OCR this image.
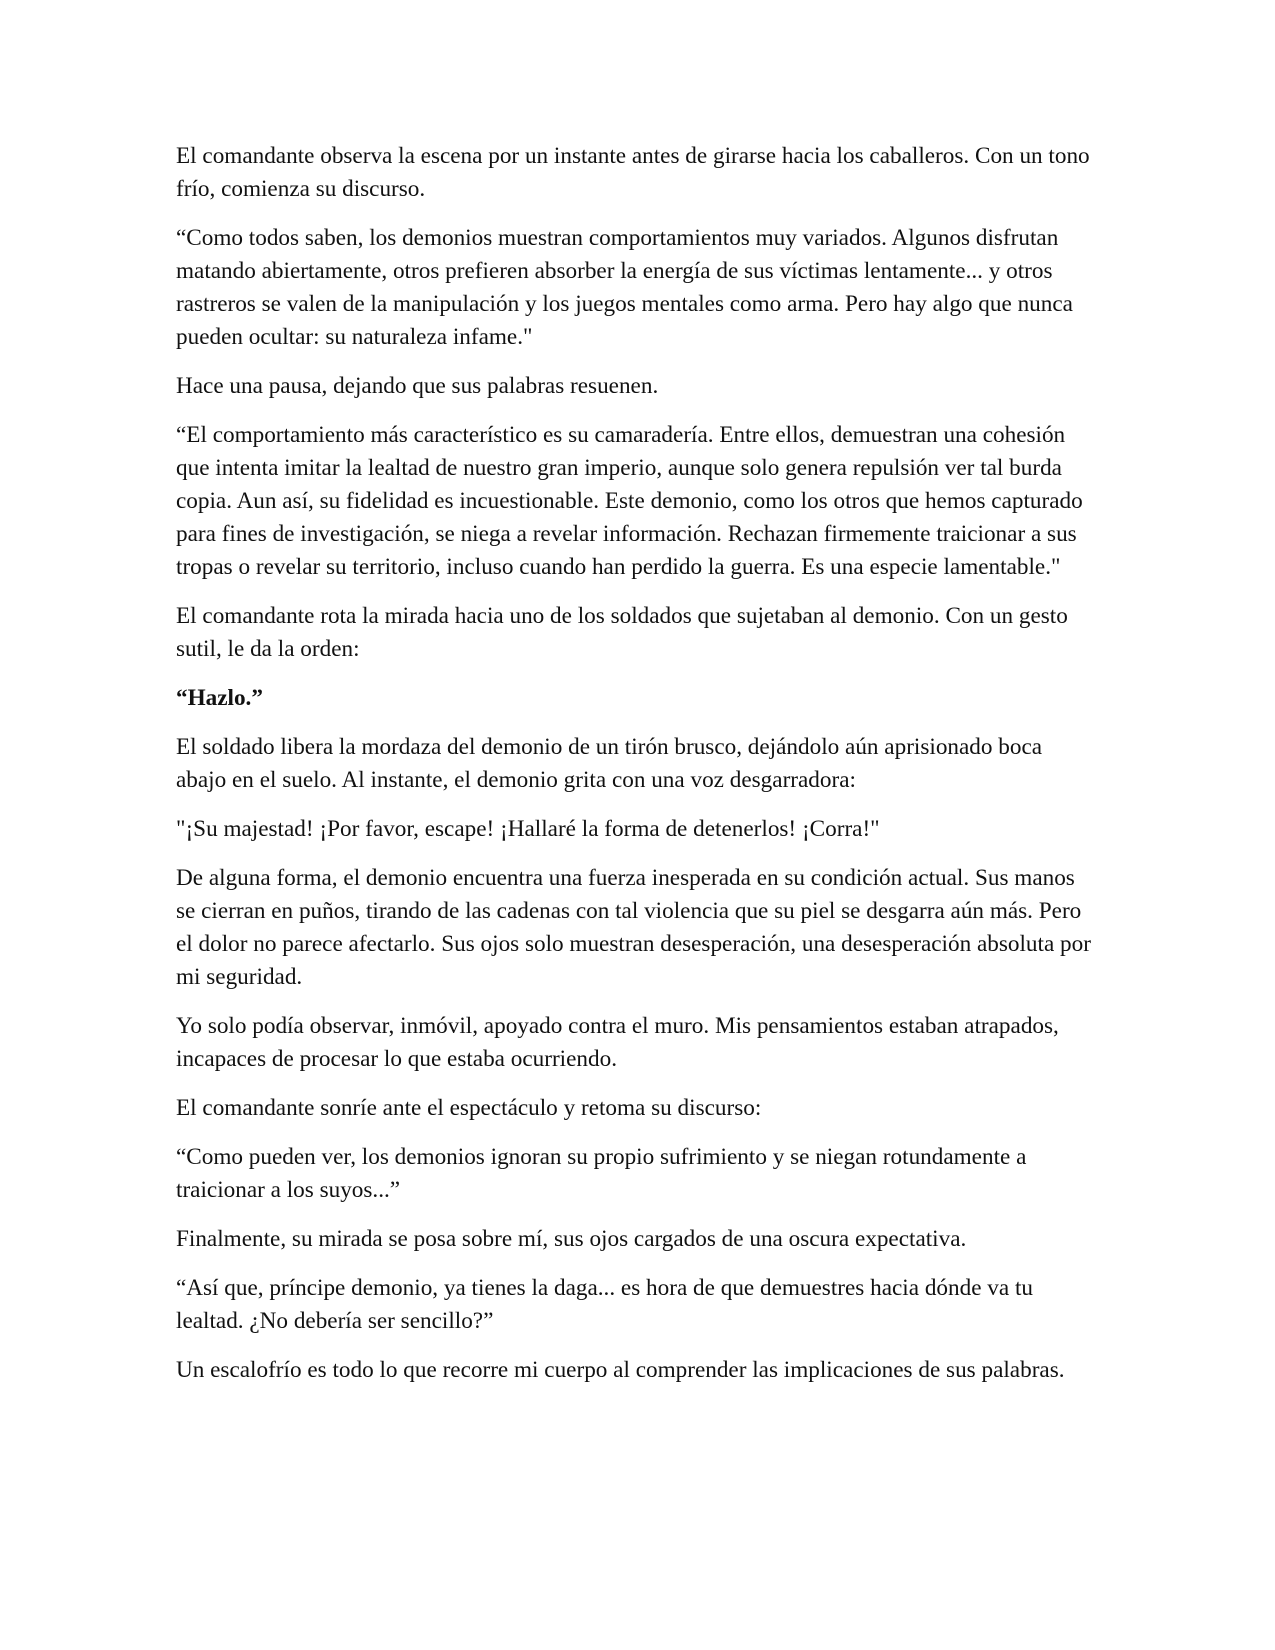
El comandante observa la escena por un instante antes de girarse hacia los caballeros. Con un tono frío, comienza su discurso.

“Como todos saben, los demonios muestran comportamientos muy variados. Algunos disfrutan matando abiertamente, otros prefieren absorber la energía de sus víctimas lentamente... y otros rastreros se valen de la manipulación y los juegos mentales como arma. Pero hay algo que nunca pueden ocultar: su naturaleza infame."

Hace una pausa, dejando que sus palabras resuenen.

“El comportamiento más característico es su camaradería. Entre ellos, demuestran una cohesión que intenta imitar la lealtad de nuestro gran imperio, aunque solo genera repulsión ver tal burda copia. Aun así, su fidelidad es incuestionable. Este demonio, como los otros que hemos capturado para fines de investigación, se niega a revelar información. Rechazan firmemente traicionar a sus tropas o revelar su territorio, incluso cuando han perdido la guerra. Es una especie lamentable."

El comandante rota la mirada hacia uno de los soldados que sujetaban al demonio. Con un gesto sutil, le da la orden:

“Hazlo.”

El soldado libera la mordaza del demonio de un tirón brusco, dejándolo aún aprisionado boca abajo en el suelo. Al instante, el demonio grita con una voz desgarradora:

"¡Su majestad! ¡Por favor, escape! ¡Hallaré la forma de detenerlos! ¡Corra!"

De alguna forma, el demonio encuentra una fuerza inesperada en su condición actual. Sus manos se cierran en puños, tirando de las cadenas con tal violencia que su piel se desgarra aún más. Pero el dolor no parece afectarlo. Sus ojos solo muestran desesperación, una desesperación absoluta por mi seguridad.

Yo solo podía observar, inmóvil, apoyado contra el muro. Mis pensamientos estaban atrapados, incapaces de procesar lo que estaba ocurriendo.

El comandante sonríe ante el espectáculo y retoma su discurso:

“Como pueden ver, los demonios ignoran su propio sufrimiento y se niegan rotundamente a traicionar a los suyos...”

Finalmente, su mirada se posa sobre mí, sus ojos cargados de una oscura expectativa.

“Así que, príncipe demonio, ya tienes la daga... es hora de que demuestres hacia dónde va tu lealtad. ¿No debería ser sencillo?”

Un escalofrío es todo lo que recorre mi cuerpo al comprender las implicaciones de sus palabras.
